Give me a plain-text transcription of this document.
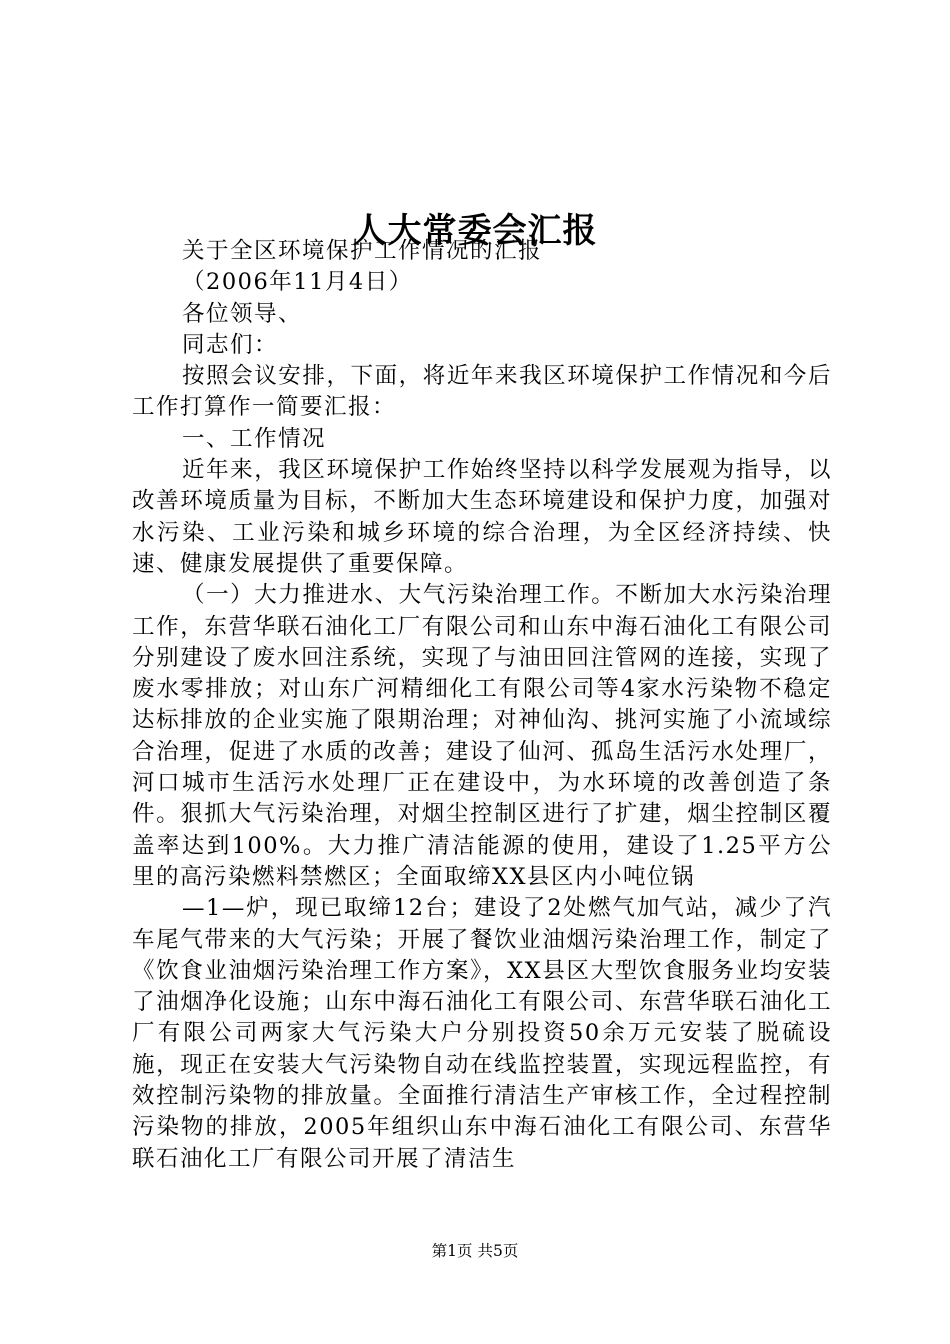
人大常委会汇报

关于全区环境保护工作情况的汇报

（2006年11月4日）

各位领导、

同志们：

按照会议安排，下面，将近年来我区环境保护工作情况和今后工作打算作一简要汇报：

一、工作情况

近年来，我区环境保护工作始终坚持以科学发展观为指导，以改善环境质量为目标，不断加大生态环境建设和保护力度，加强对水污染、工业污染和城乡环境的综合治理，为全区经济持续、快速、健康发展提供了重要保障。

（一）大力推进水、大气污染治理工作。不断加大水污染治理工作，东营华联石油化工厂有限公司和山东中海石油化工有限公司分别建设了废水回注系统，实现了与油田回注管网的连接，实现了废水零排放；对山东广河精细化工有限公司等4家水污染物不稳定达标排放的企业实施了限期治理；对神仙沟、挑河实施了小流域综合治理，促进了水质的改善；建设了仙河、孤岛生活污水处理厂，河口城市生活污水处理厂正在建设中，为水环境的改善创造了条件。狠抓大气污染治理，对烟尘控制区进行了扩建，烟尘控制区覆盖率达到100%。大力推广清洁能源的使用，建设了1.25平方公里的高污染燃料禁燃区；全面取缔XX县区内小吨位锅

—1—炉，现已取缔12台；建设了2处燃气加气站，减少了汽车尾气带来的大气污染；开展了餐饮业油烟污染治理工作，制定了《饮食业油烟污染治理工作方案》，XX县区大型饮食服务业均安装了油烟净化设施；山东中海石油化工有限公司、东营华联石油化工厂有限公司两家大气污染大户分别投资50余万元安装了脱硫设施，现正在安装大气污染物自动在线监控装置，实现远程监控，有效控制污染物的排放量。全面推行清洁生产审核工作，全过程控制污染物的排放，2005年组织山东中海石油化工有限公司、东营华联石油化工厂有限公司开展了清洁生

第1页 共5页
